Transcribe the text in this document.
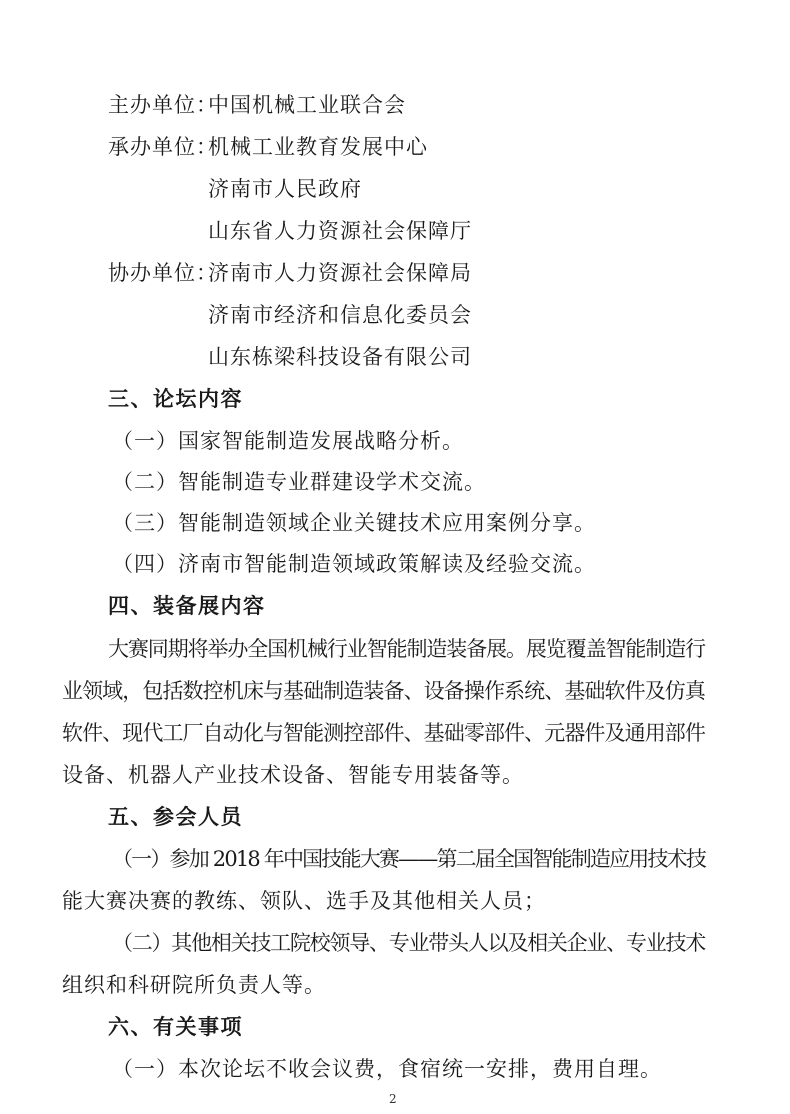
主办单位：

中国机械工业联合会

承办单位：

机械工业教育发展中心

济南市人民政府

山东省人力资源社会保障厅

协办单位：

济南市人力资源社会保障局

济南市经济和信息化委员会

山东栋梁科技设备有限公司

三、论坛内容

（一）国家智能制造发展战略分析。

（二）智能制造专业群建设学术交流。

（三）智能制造领域企业关键技术应用案例分享。

（四）济南市智能制造领域政策解读及经验交流。

四、装备展内容

大赛同期将举办全国机械行业智能制造装备展。展览覆盖智能制造行

业领域，包括数控机床与基础制造装备、设备操作系统、基础软件及仿真

软件、现代工厂自动化与智能测控部件、基础零部件、元器件及通用部件

设备、机器人产业技术设备、智能专用装备等。

五、参会人员

（一）参加 2018 年中国技能大赛——第二届全国智能制造应用技术技

能大赛决赛的教练、领队、选手及其他相关人员；

（二）其他相关技工院校领导、专业带头人以及相关企业、专业技术

组织和科研院所负责人等。

六、有关事项

（一）本次论坛不收会议费，食宿统一安排，费用自理。

2
